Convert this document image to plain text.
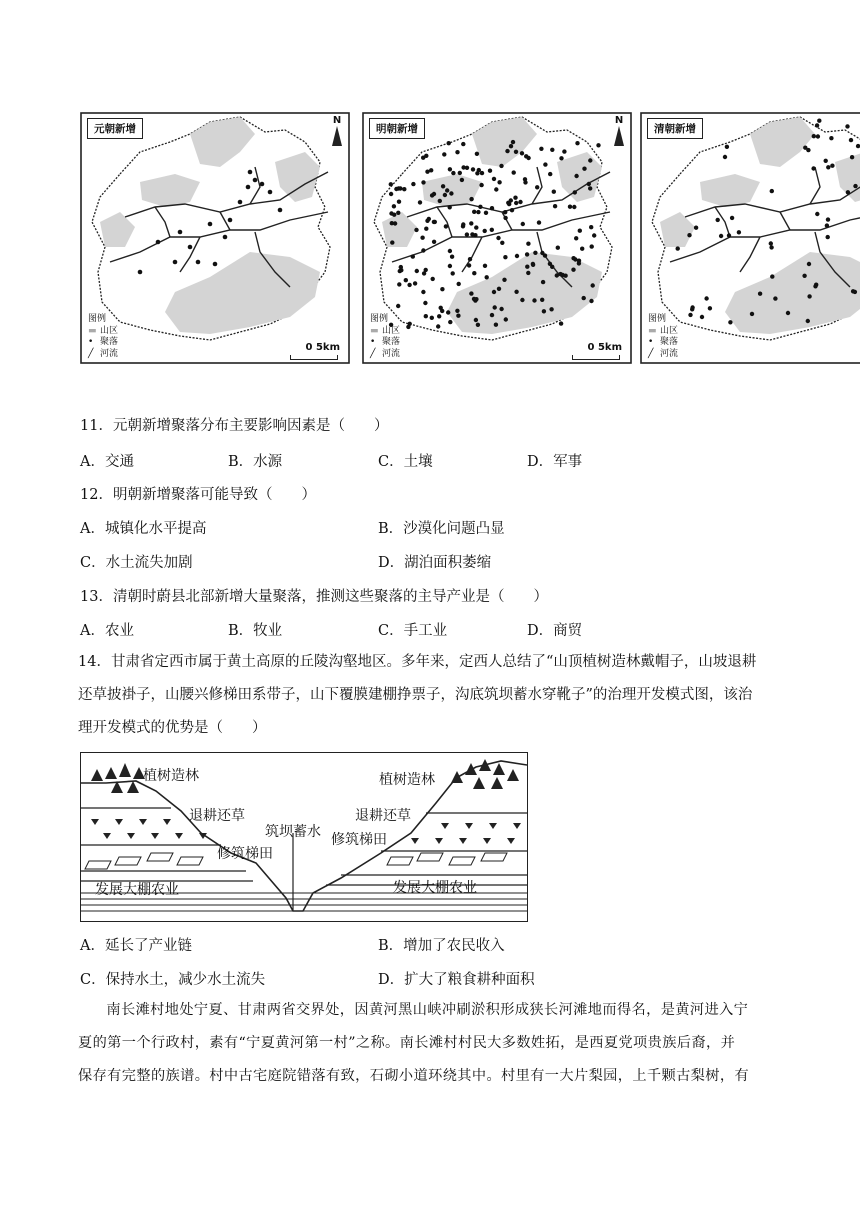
元朝新增
N
图例
▬ 山区
• 聚落
╱ 河流
0 5km
明朝新增
N
图例
▬ 山区
• 聚落
╱ 河流
0 5km
清朝新增
图例
▬ 山区
• 聚落
╱ 河流
11．元朝新增聚落分布主要影响因素是（　　）
A．交通	B．水源	C．土壤	D．军事
12．明朝新增聚落可能导致（　　）
A．城镇化水平提高	B．沙漠化问题凸显
C．水土流失加剧	D．湖泊面积萎缩
13．清朝时蔚县北部新增大量聚落，推测这些聚落的主导产业是（　　）
A．农业	B．牧业	C．手工业	D．商贸
14．甘肃省定西市属于黄土高原的丘陵沟壑地区。多年来，定西人总结了“山顶植树造林戴帽子，山坡退耕
还草披褂子，山腰兴修梯田系带子，山下覆膜建棚挣票子，沟底筑坝蓄水穿靴子”的治理开发模式图，该治
理开发模式的优势是（　　）
植树造林	植树造林
退耕还草	退耕还草
筑坝蓄水
修筑梯田
修筑梯田
发展大棚农业	发展大棚农业
A．延长了产业链	B．增加了农民收入
C．保持水土，减少水土流失	D．扩大了粮食耕种面积
南长滩村地处宁夏、甘肃两省交界处，因黄河黑山峡冲刷淤积形成狭长河滩地而得名，是黄河进入宁
夏的第一个行政村，素有“宁夏黄河第一村”之称。南长滩村村民大多数姓拓，是西夏党项贵族后裔，并
保存有完整的族谱。村中古宅庭院错落有致，石砌小道环绕其中。村里有一大片梨园，上千颗古梨树，有
